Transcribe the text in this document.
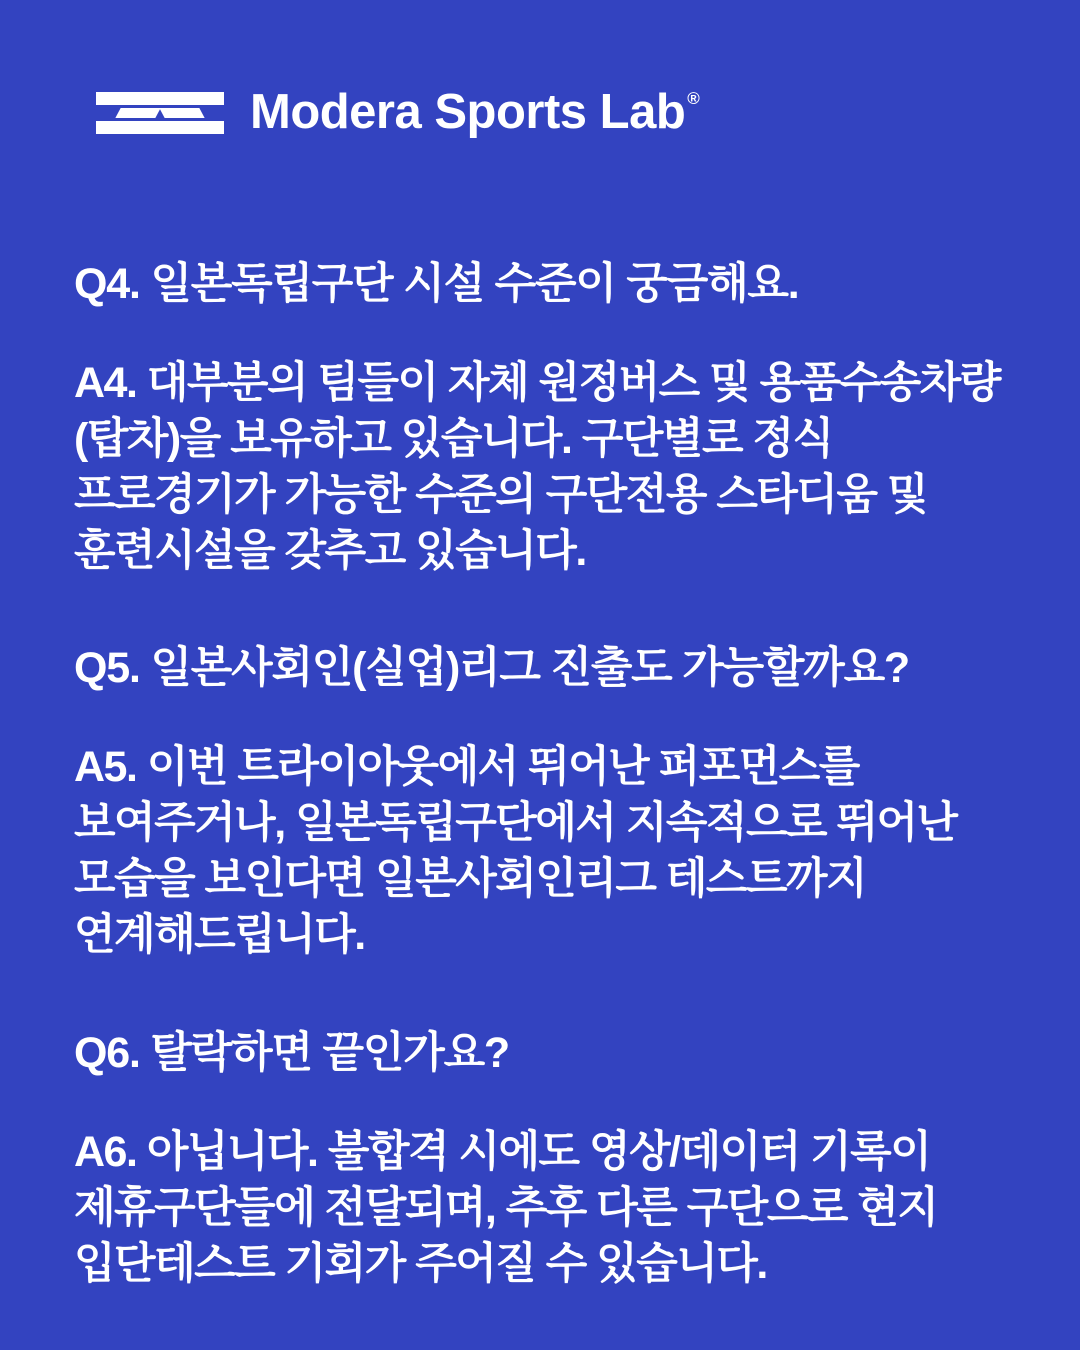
Modera Sports Lab ®

Q4. 일본독립구단 시설 수준이 궁금해요.

A4. 대부분의 팀들이 자체 원정버스 및 용품수송차량(탑차)을 보유하고 있습니다. 구단별로 정식 프로경기가 가능한 수준의 구단전용 스타디움 및 훈련시설을 갖추고 있습니다.

Q5. 일본사회인(실업)리그 진출도 가능할까요?

A5. 이번 트라이아웃에서 뛰어난 퍼포먼스를 보여주거나, 일본독립구단에서 지속적으로 뛰어난 모습을 보인다면 일본사회인리그 테스트까지 연계해드립니다.

Q6. 탈락하면 끝인가요?

A6. 아닙니다. 불합격 시에도 영상/데이터 기록이 제휴구단들에 전달되며, 추후 다른 구단으로 현지 입단테스트 기회가 주어질 수 있습니다.
